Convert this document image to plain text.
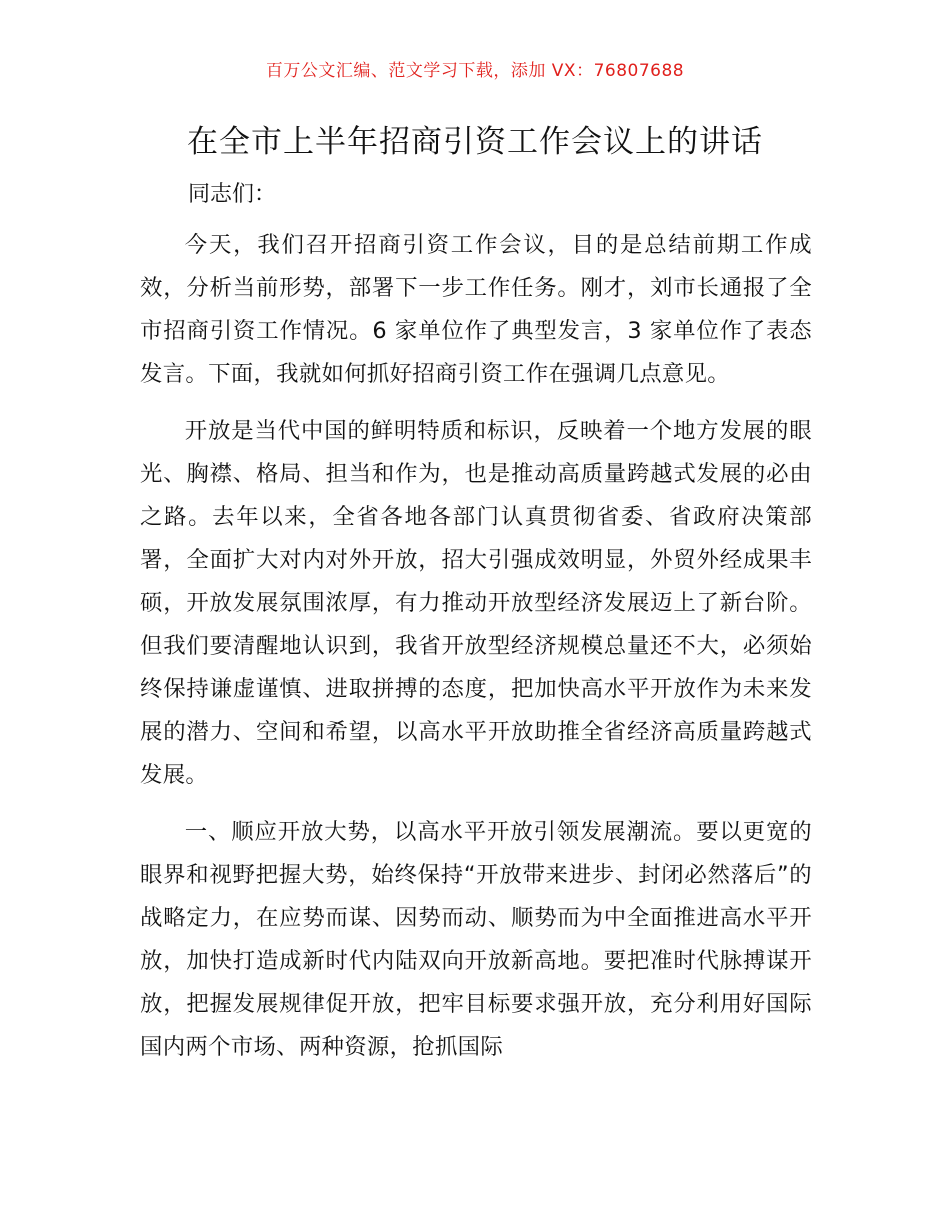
百万公文汇编、范文学习下载，添加 VX：76807688
在全市上半年招商引资工作会议上的讲话
同志们：

今天，我们召开招商引资工作会议，目的是总结前期工作成效，分析当前形势，部署下一步工作任务。刚才，刘市长通报了全市招商引资工作情况。6 家单位作了典型发言，3 家单位作了表态发言。下面，我就如何抓好招商引资工作在强调几点意见。

开放是当代中国的鲜明特质和标识，反映着一个地方发展的眼光、胸襟、格局、担当和作为，也是推动高质量跨越式发展的必由之路。去年以来，全省各地各部门认真贯彻省委、省政府决策部署，全面扩大对内对外开放，招大引强成效明显，外贸外经成果丰硕，开放发展氛围浓厚，有力推动开放型经济发展迈上了新台阶。但我们要清醒地认识到，我省开放型经济规模总量还不大，必须始终保持谦虚谨慎、进取拼搏的态度，把加快高水平开放作为未来发展的潜力、空间和希望，以高水平开放助推全省经济高质量跨越式发展。

一、顺应开放大势，以高水平开放引领发展潮流。要以更宽的眼界和视野把握大势，始终保持“开放带来进步、封闭必然落后”的战略定力，在应势而谋、因势而动、顺势而为中全面推进高水平开放，加快打造成新时代内陆双向开放新高地。要把准时代脉搏谋开放，把握发展规律促开放，把牢目标要求强开放，充分利用好国际国内两个市场、两种资源，抢抓国际
